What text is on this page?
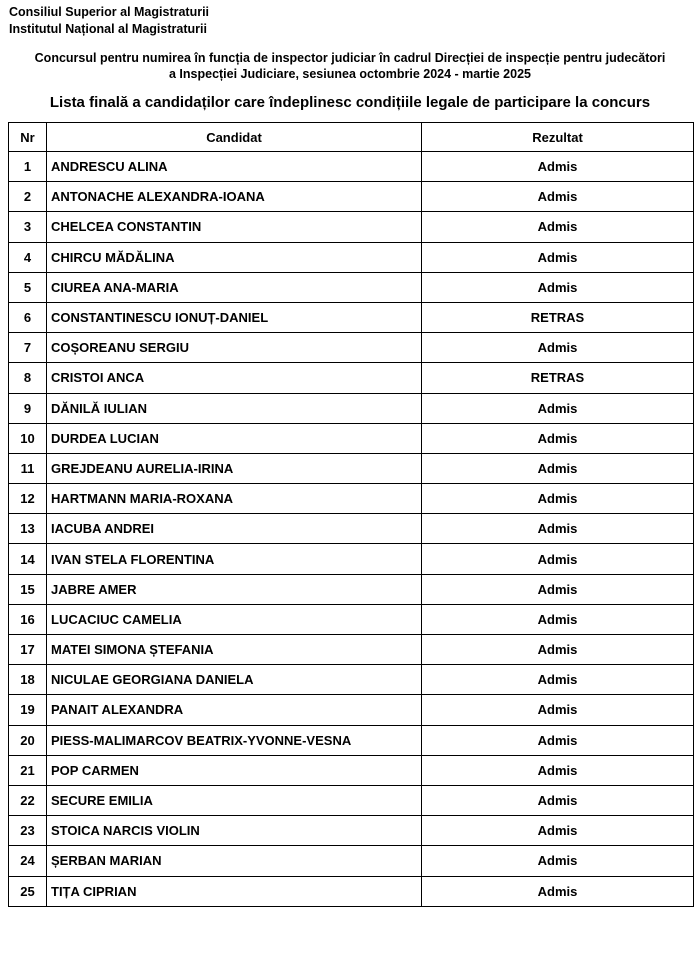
Consiliul Superior al Magistraturii
Institutul Național al Magistraturii
Concursul pentru numirea în funcția de inspector judiciar în cadrul Direcției de inspecție pentru judecători
a Inspecției Judiciare, sesiunea octombrie 2024 - martie 2025
Lista finală a candidaților care îndeplinesc condițiile legale de participare la concurs
Nr	Candidat	Rezultat
1	ANDRESCU ALINA	Admis
2	ANTONACHE ALEXANDRA-IOANA	Admis
3	CHELCEA CONSTANTIN	Admis
4	CHIRCU MĂDĂLINA	Admis
5	CIUREA ANA-MARIA	Admis
6	CONSTANTINESCU IONUȚ-DANIEL	RETRAS
7	COȘOREANU SERGIU	Admis
8	CRISTOI ANCA	RETRAS
9	DĂNILĂ IULIAN	Admis
10	DURDEA LUCIAN	Admis
11	GREJDEANU AURELIA-IRINA	Admis
12	HARTMANN MARIA-ROXANA	Admis
13	IACUBA ANDREI	Admis
14	IVAN STELA FLORENTINA	Admis
15	JABRE AMER	Admis
16	LUCACIUC CAMELIA	Admis
17	MATEI SIMONA ȘTEFANIA	Admis
18	NICULAE GEORGIANA DANIELA	Admis
19	PANAIT ALEXANDRA	Admis
20	PIESS-MALIMARCOV BEATRIX-YVONNE-VESNA	Admis
21	POP CARMEN	Admis
22	SECURE EMILIA	Admis
23	STOICA NARCIS VIOLIN	Admis
24	ȘERBAN MARIAN	Admis
25	TIȚA CIPRIAN	Admis
